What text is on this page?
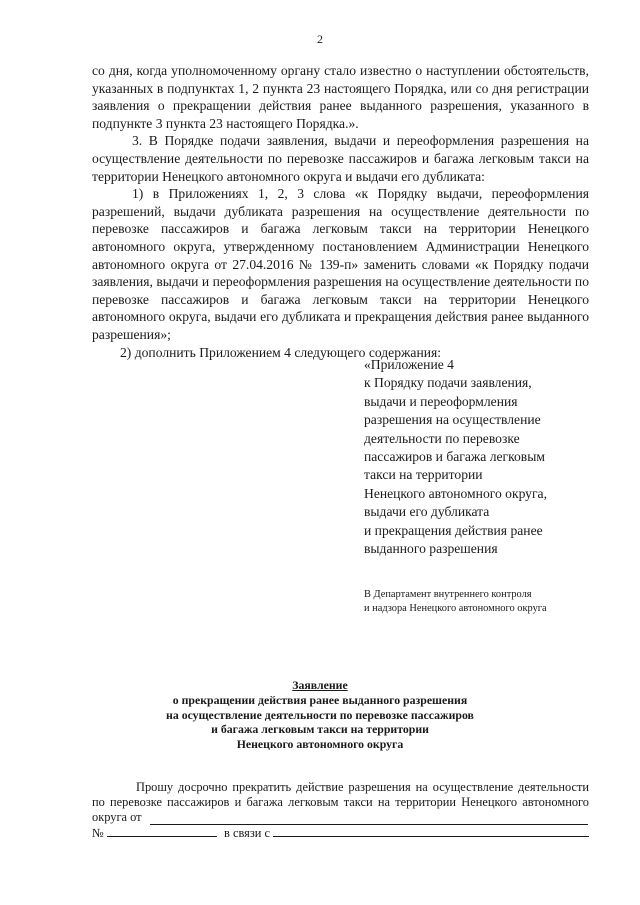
2

со дня, когда уполномоченному органу стало известно о наступлении обстоятельств, указанных в подпунктах 1, 2 пункта 23 настоящего Порядка, или со дня регистрации заявления о прекращении действия ранее выданного разрешения, указанного в подпункте 3 пункта 23 настоящего Порядка.».

3. В Порядке подачи заявления, выдачи и переоформления разрешения на осуществление деятельности по перевозке пассажиров и багажа легковым такси на территории Ненецкого автономного округа и выдачи его дубликата:

1) в Приложениях 1, 2, 3 слова «к Порядку выдачи, переоформления разрешений, выдачи дубликата разрешения на осуществление деятельности по перевозке пассажиров и багажа легковым такси на территории Ненецкого автономного округа, утвержденному постановлением Администрации Ненецкого автономного округа от 27.04.2016 № 139-п» заменить словами «к Порядку подачи заявления, выдачи и переоформления разрешения на осуществление деятельности по перевозке пассажиров и багажа легковым такси на территории Ненецкого автономного округа, выдачи его дубликата и прекращения действия ранее выданного разрешения»;

2) дополнить Приложением 4 следующего содержания:

«Приложение 4
к Порядку подачи заявления,
выдачи и переоформления
разрешения на осуществление
деятельности по перевозке
пассажиров и багажа легковым
такси на территории
Ненецкого автономного округа,
выдачи его дубликата
и прекращения действия ранее
выданного разрешения
В Департамент внутреннего контроля
и надзора Ненецкого автономного округа
Заявление
о прекращении действия ранее выданного разрешения
на осуществление деятельности по перевозке пассажиров
и багажа легковым такси на территории
Ненецкого автономного округа

Прошу досрочно прекратить действие разрешения на осуществление деятельности по перевозке пассажиров и багажа легковым такси на территории Ненецкого автономного округа от

№	в связи с
